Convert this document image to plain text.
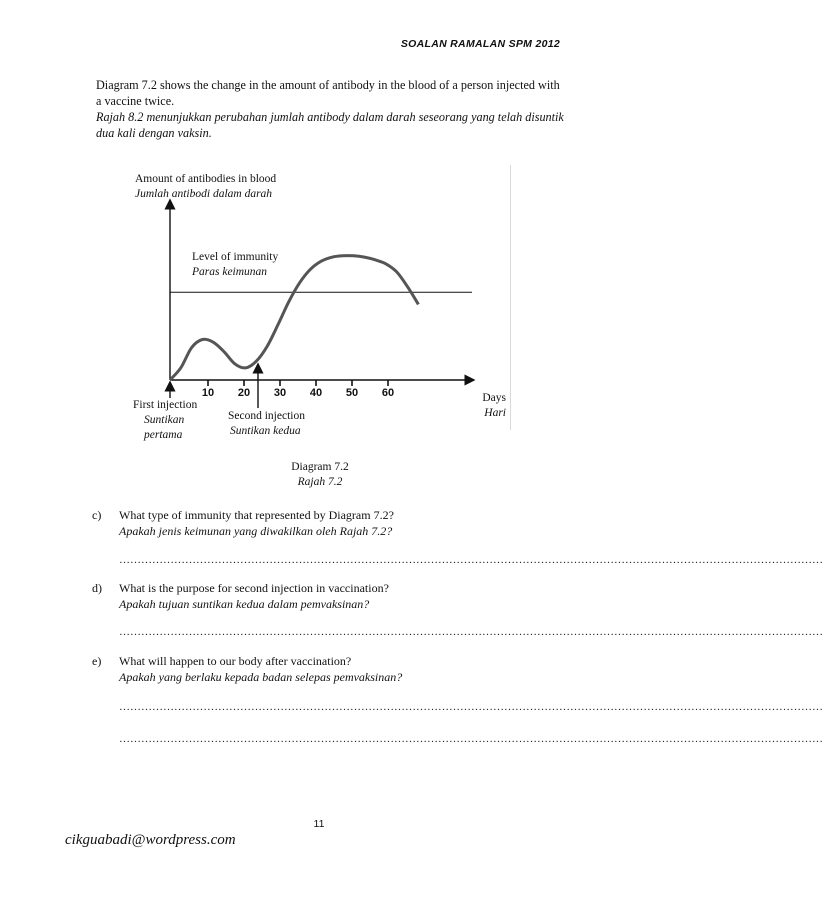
SOALAN RAMALAN SPM 2012
Diagram 7.2 shows the change in the amount of antibody in the blood of a person injected with a vaccine twice.
Rajah 8.2 menunjukkan perubahan jumlah antibody dalam darah seseorang yang telah disuntik dua kali dengan vaksin.
10 20 30 40 50 60
Amount of antibodies in blood
Jumlah antibodi dalam darah
Level of immunity
Paras keimunan
Days
Hari
First injection
Suntikan
pertama
Second injection
Suntikan kedua
Diagram 7.2
Rajah 7.2
c) What type of immunity that represented by Diagram 7.2?
Apakah jenis keimunan yang diwakilkan oleh Rajah 7.2?
…………………………………………………………………………………………………………………………………………………………………………
d) What is the purpose for second injection in vaccination?
Apakah tujuan suntikan kedua dalam pemvaksinan?
…………………………………………………………………………………………………………………………………………………………………………
e) What will happen to our body after vaccination?
Apakah yang berlaku kepada badan selepas pemvaksinan?
…………………………………………………………………………………………………………………………………………………………………………
…………………………………………………………………………………………………………………………………………………………………………
11
cikguabadi@wordpress.com
